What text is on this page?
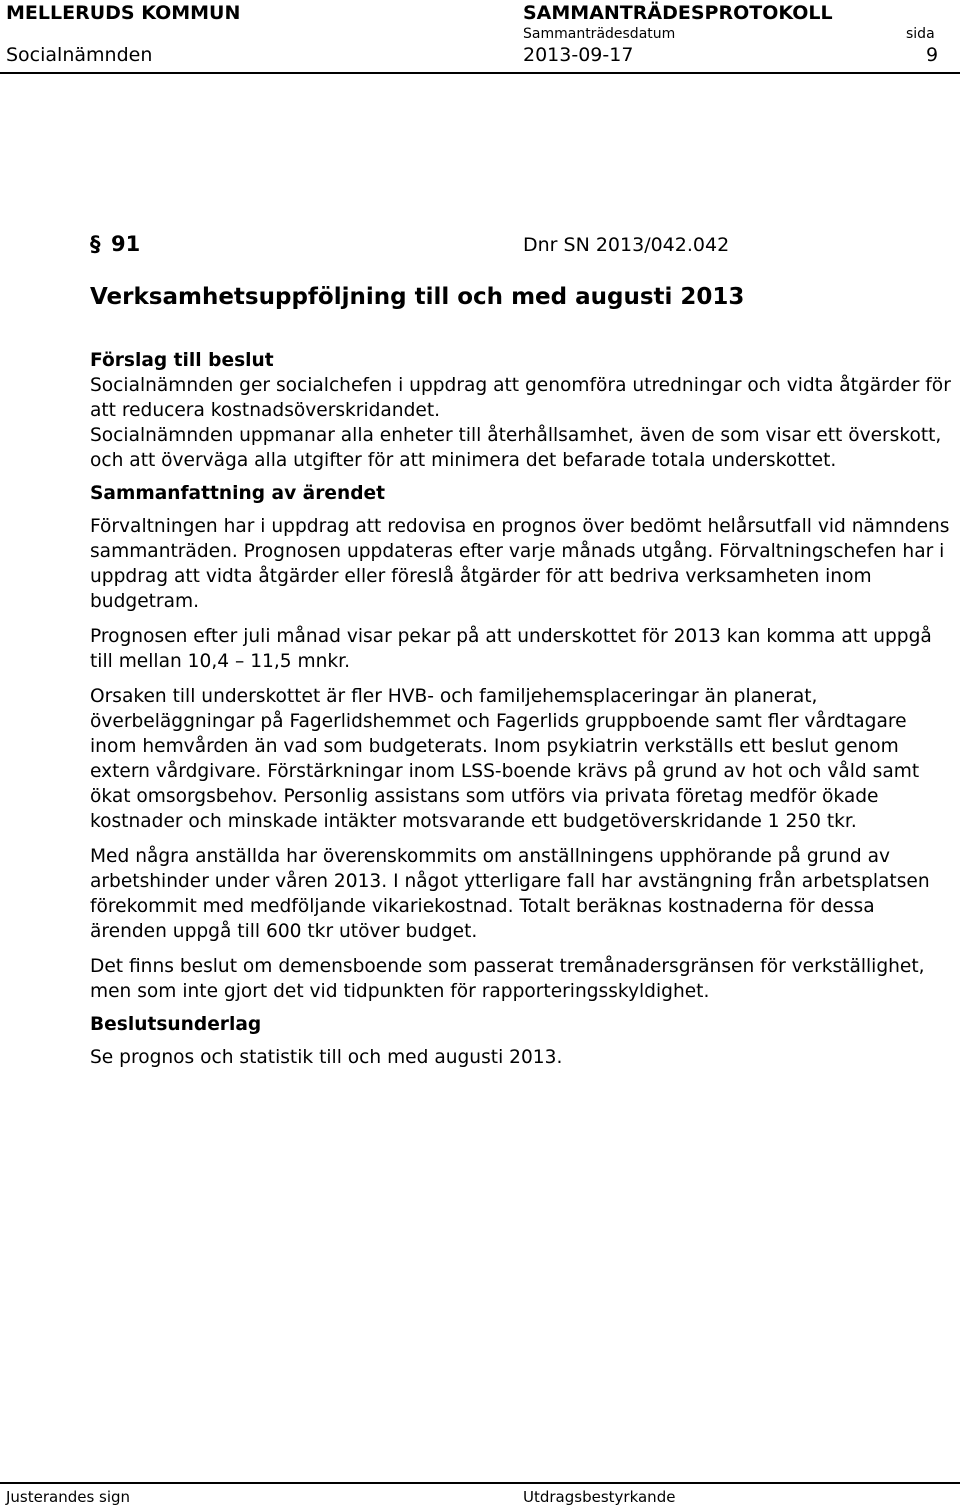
MELLERUDS KOMMUN	SAMMANTRÄDESPROTOKOLL
Sammanträdesdatum	sida
Socialnämnden	2013-09-17	9
§ 91	Dnr SN 2013/042.042
Verksamhetsuppföljning till och med augusti 2013
Förslag till beslut

Socialnämnden ger socialchefen i uppdrag att genomföra utredningar och vidta åtgärder för att reducera kostnadsöverskridandet.

Socialnämnden uppmanar alla enheter till återhållsamhet, även de som visar ett överskott, och att överväga alla utgifter för att minimera det befarade totala underskottet.

Sammanfattning av ärendet

Förvaltningen har i uppdrag att redovisa en prognos över bedömt helårsutfall vid nämndens sammanträden. Prognosen uppdateras efter varje månads utgång. Förvaltningschefen har i uppdrag att vidta åtgärder eller föreslå åtgärder för att bedriva verksamheten inom budgetram.

Prognosen efter juli månad visar pekar på att underskottet för 2013 kan komma att uppgå till mellan 10,4 – 11,5 mnkr.

Orsaken till underskottet är fler HVB- och familjehemsplaceringar än planerat, överbeläggningar på Fagerlidshemmet och Fagerlids gruppboende samt fler vårdtagare inom hemvården än vad som budgeterats. Inom psykiatrin verkställs ett beslut genom extern vårdgivare. Förstärkningar inom LSS-boende krävs på grund av hot och våld samt ökat omsorgsbehov. Personlig assistans som utförs via privata företag medför ökade kostnader och minskade intäkter motsvarande ett budgetöverskridande 1 250 tkr.

Med några anställda har överenskommits om anställningens upphörande på grund av arbetshinder under våren 2013. I något ytterligare fall har avstängning från arbetsplatsen förekommit med medföljande vikariekostnad. Totalt beräknas kostnaderna för dessa ärenden uppgå till 600 tkr utöver budget.

Det finns beslut om demensboende som passerat tremånadersgränsen för verkställighet, men som inte gjort det vid tidpunkten för rapporteringsskyldighet.

Beslutsunderlag

Se prognos och statistik till och med augusti 2013.

Justerandes sign	Utdragsbestyrkande
